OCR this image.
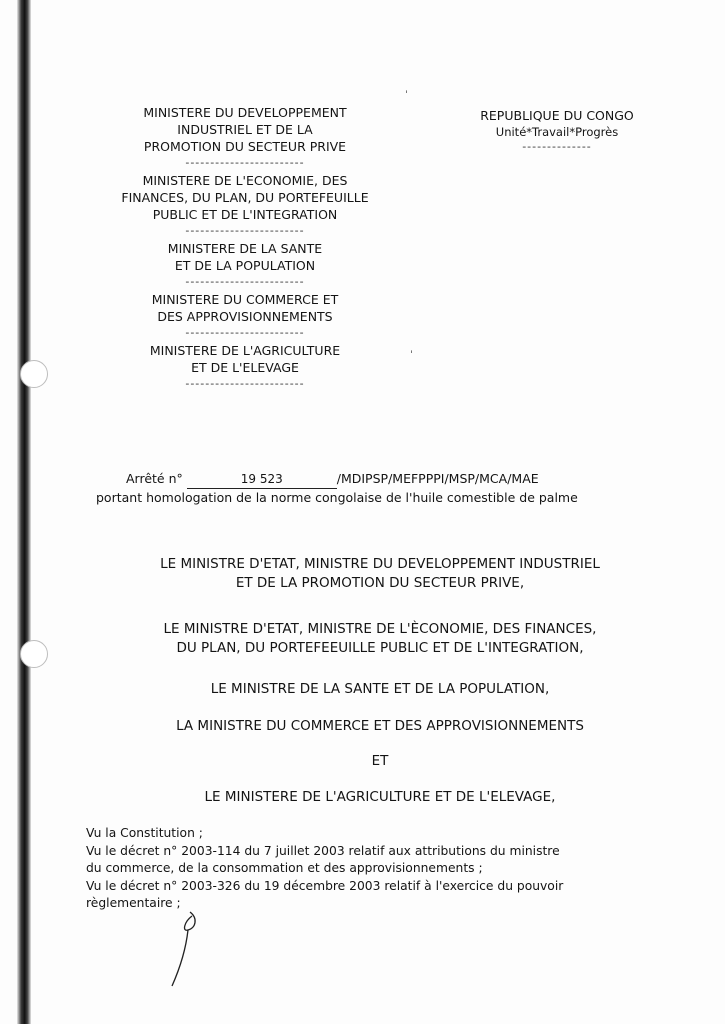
ˈ
ˈ
MINISTERE DU DEVELOPPEMENT
INDUSTRIEL ET DE LA
PROMOTION DU SECTEUR PRIVE
------------------------
MINISTERE DE L'ECONOMIE, DES
FINANCES, DU PLAN, DU PORTEFEUILLE
PUBLIC ET DE L'INTEGRATION
------------------------
MINISTERE DE LA SANTE
ET DE LA POPULATION
------------------------
MINISTERE DU COMMERCE ET
DES APPROVISIONNEMENTS
------------------------
MINISTERE DE L'AGRICULTURE
ET DE L'ELEVAGE
------------------------
REPUBLIQUE DU CONGO
Unité*Travail*Progrès
--------------
Arrêté n°	19 523	/MDIPSP/MEFPPPI/MSP/MCA/MAE
portant homologation de la norme congolaise de l'huile comestible de palme
LE MINISTRE D'ETAT, MINISTRE DU DEVELOPPEMENT INDUSTRIEL
ET DE LA PROMOTION DU SECTEUR PRIVE,
LE MINISTRE D'ETAT, MINISTRE DE L'ÈCONOMIE, DES FINANCES,
DU PLAN, DU PORTEFEEUILLE PUBLIC ET DE L'INTEGRATION,
LE MINISTRE DE LA SANTE ET DE LA POPULATION,
LA MINISTRE DU COMMERCE ET DES APPROVISIONNEMENTS
ET
LE MINISTERE DE L'AGRICULTURE ET DE L'ELEVAGE,
Vu la Constitution ;
Vu le décret n° 2003-114 du 7 juillet 2003 relatif aux attributions du ministre
du commerce, de la consommation et des approvisionnements ;
Vu le décret n° 2003-326 du 19 décembre 2003 relatif à l'exercice du pouvoir
règlementaire ;
